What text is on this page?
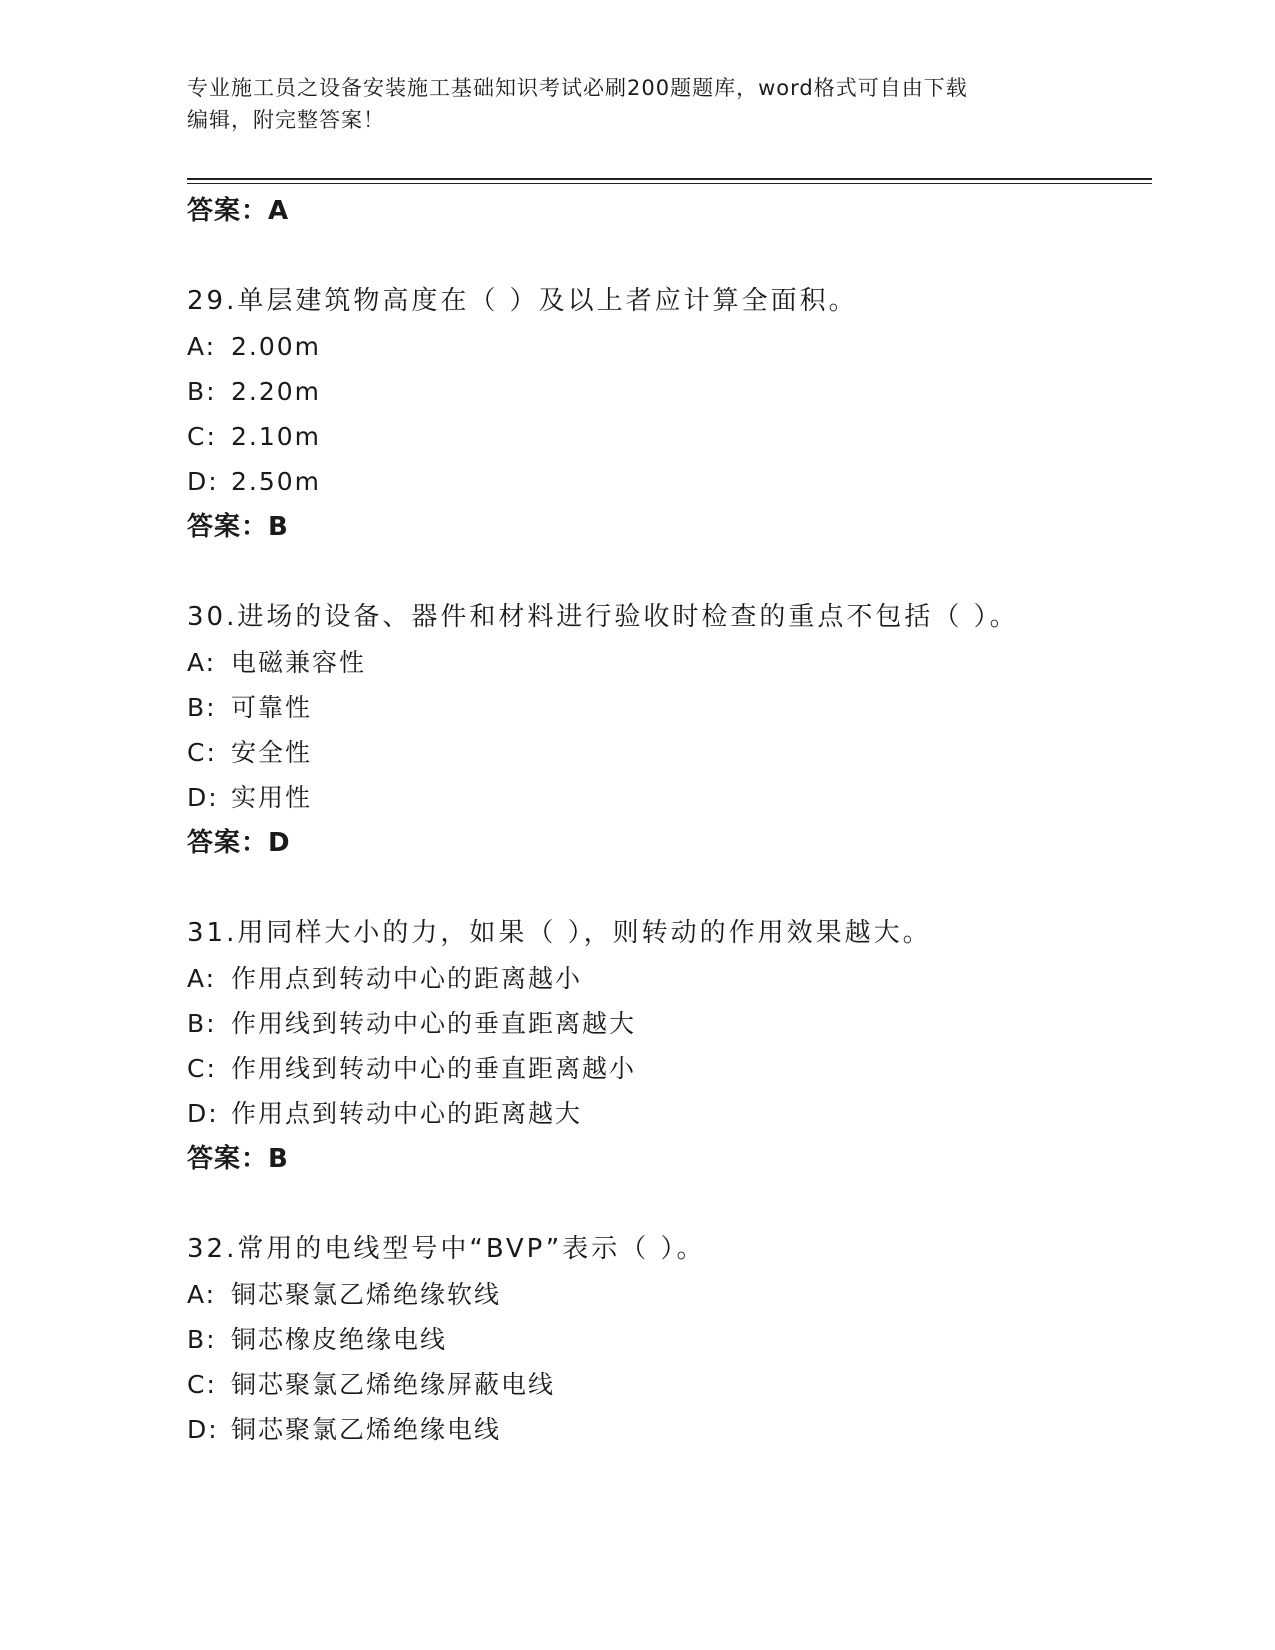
专业施工员之设备安装施工基础知识考试必刷200题题库，word格式可自由下载
编辑，附完整答案！
答案：A
29.单层建筑物高度在（ ）及以上者应计算全面积。
A: 2.00m
B: 2.20m
C: 2.10m
D: 2.50m
答案：B
30.进场的设备、器件和材料进行验收时检查的重点不包括（ ）。
A: 电磁兼容性
B: 可靠性
C: 安全性
D: 实用性
答案：D
31.用同样大小的力，如果（ ），则转动的作用效果越大。
A: 作用点到转动中心的距离越小
B: 作用线到转动中心的垂直距离越大
C: 作用线到转动中心的垂直距离越小
D: 作用点到转动中心的距离越大
答案：B
32.常用的电线型号中“BVP”表示（ ）。
A: 铜芯聚氯乙烯绝缘软线
B: 铜芯橡皮绝缘电线
C: 铜芯聚氯乙烯绝缘屏蔽电线
D: 铜芯聚氯乙烯绝缘电线
